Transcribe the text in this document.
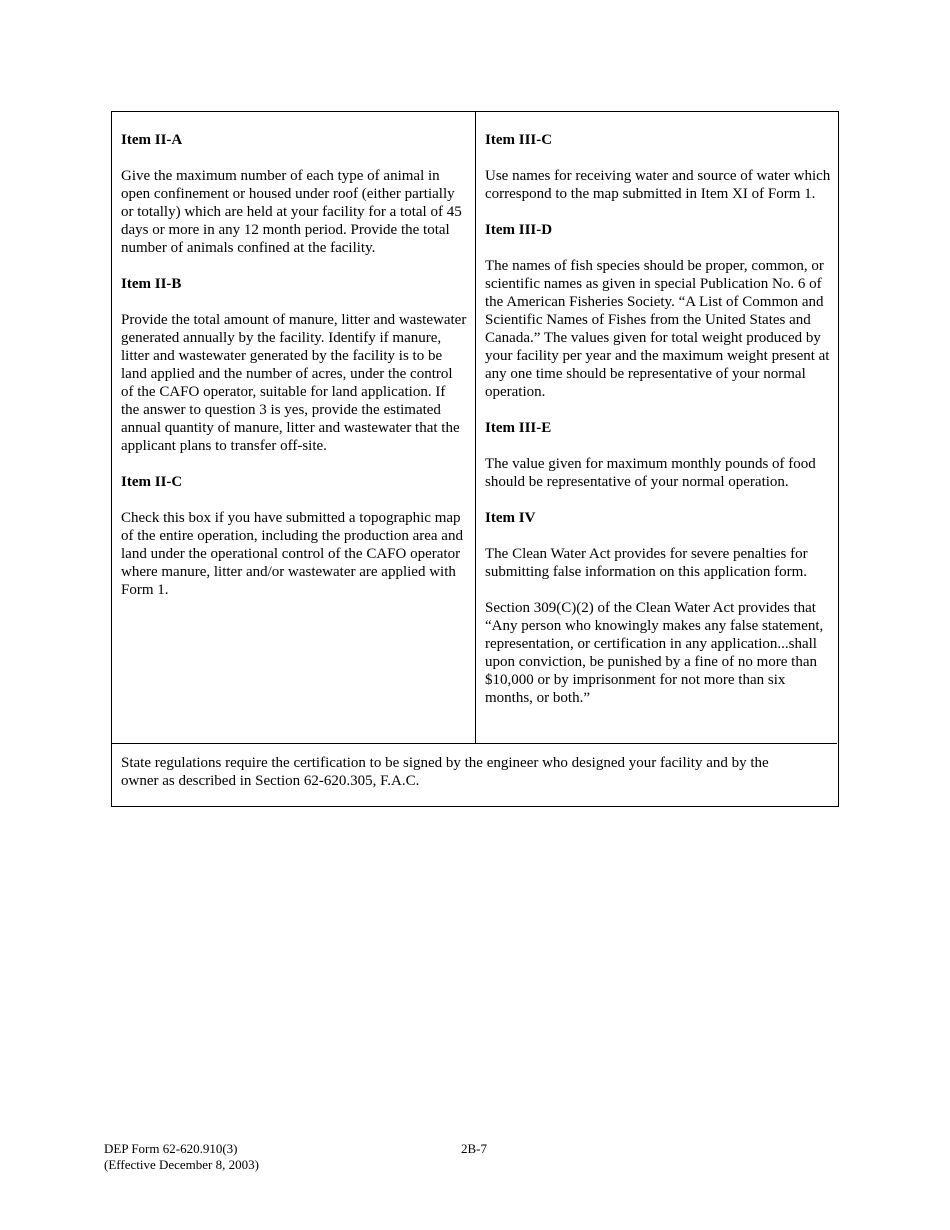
Item II-A
Give the maximum number of each type of animal in open confinement or housed under roof (either partially or totally) which are held at your facility for a total of 45 days or more in any 12 month period. Provide the total number of animals confined at the facility.
Item II-B
Provide the total amount of manure, litter and wastewater generated annually by the facility. Identify if manure, litter and wastewater generated by the facility is to be land applied and the number of acres, under the control of the CAFO operator, suitable for land application. If the answer to question 3 is yes, provide the estimated annual quantity of manure, litter and wastewater that the applicant plans to transfer off-site.
Item II-C
Check this box if you have submitted a topographic map of the entire operation, including the production area and land under the operational control of the CAFO operator where manure, litter and/or wastewater are applied with Form 1.
Item III-C
Use names for receiving water and source of water which correspond to the map submitted in Item XI of Form 1.
Item III-D
The names of fish species should be proper, common, or scientific names as given in special Publication No. 6 of the American Fisheries Society. “A List of Common and Scientific Names of Fishes from the United States and Canada.” The values given for total weight produced by your facility per year and the maximum weight present at any one time should be representative of your normal operation.
Item III-E
The value given for maximum monthly pounds of food should be representative of your normal operation.
Item IV
The Clean Water Act provides for severe penalties for submitting false information on this application form.
Section 309(C)(2) of the Clean Water Act provides that “Any person who knowingly makes any false statement, representation, or certification in any application...shall upon conviction, be punished by a fine of no more than $10,000 or by imprisonment for not more than six months, or both.”
State regulations require the certification to be signed by the engineer who designed your facility and by the owner as described in Section 62-620.305, F.A.C.
DEP Form 62-620.910(3)
(Effective December 8, 2003)
2B-7
